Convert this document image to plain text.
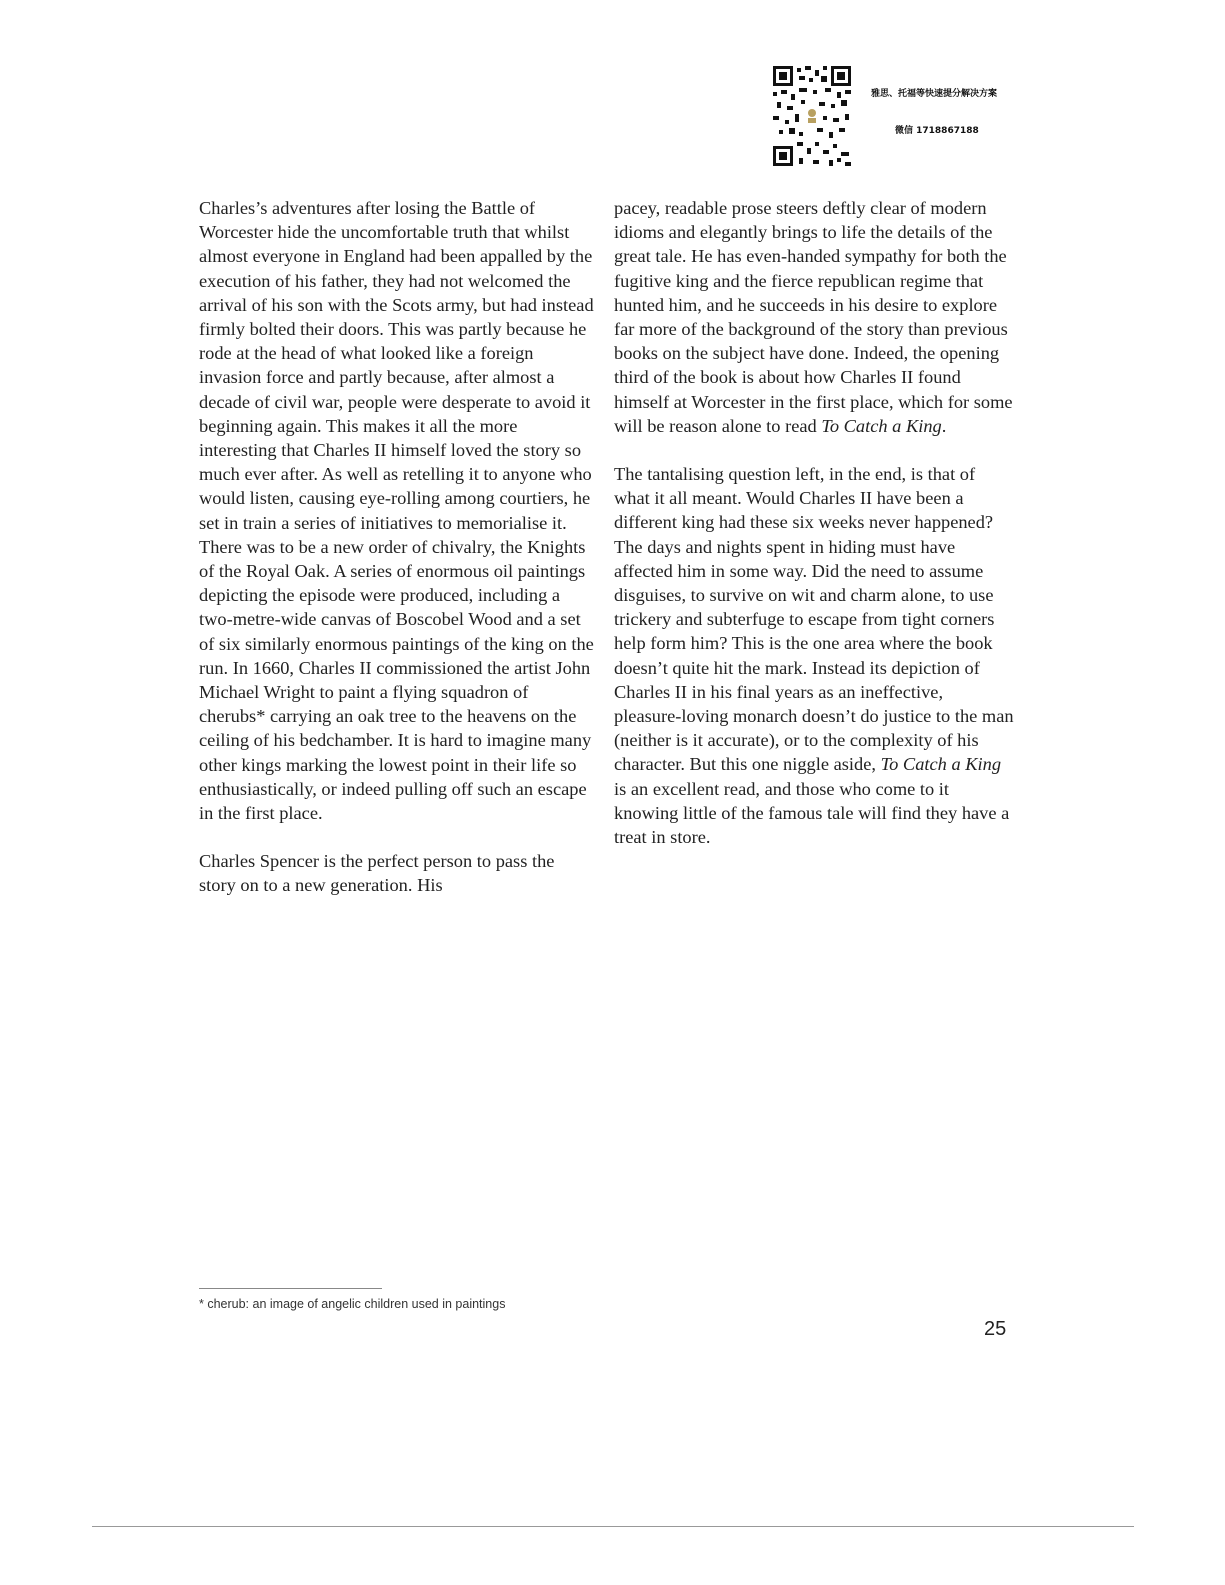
雅思、托福等快速提分解决方案
微信 1718867188

Charles’s adventures after losing the Battle of Worcester hide the uncomfortable truth that whilst almost everyone in England had been appalled by the execution of his father, they had not welcomed the arrival of his son with the Scots army, but had instead firmly bolted their doors. This was partly because he rode at the head of what looked like a foreign invasion force and partly because, after almost a decade of civil war, people were desperate to avoid it beginning again. This makes it all the more interesting that Charles II himself loved the story so much ever after. As well as retelling it to anyone who would listen, causing eye-rolling among courtiers, he set in train a series of initiatives to memorialise it. There was to be a new order of chivalry, the Knights of the Royal Oak. A series of enormous oil paintings depicting the episode were produced, including a two-metre-wide canvas of Boscobel Wood and a set of six similarly enormous paintings of the king on the run. In 1660, Charles II commissioned the artist John Michael Wright to paint a flying squadron of cherubs* carrying an oak tree to the heavens on the ceiling of his bedchamber. It is hard to imagine many other kings marking the lowest point in their life so enthusiastically, or indeed pulling off such an escape in the first place.

Charles Spencer is the perfect person to pass the story on to a new generation. His

pacey, readable prose steers deftly clear of modern idioms and elegantly brings to life the details of the great tale. He has even-handed sympathy for both the fugitive king and the fierce republican regime that hunted him, and he succeeds in his desire to explore far more of the background of the story than previous books on the subject have done. Indeed, the opening third of the book is about how Charles II found himself at Worcester in the first place, which for some will be reason alone to read To Catch a King.

The tantalising question left, in the end, is that of what it all meant. Would Charles II have been a different king had these six weeks never happened? The days and nights spent in hiding must have affected him in some way. Did the need to assume disguises, to survive on wit and charm alone, to use trickery and subterfuge to escape from tight corners help form him? This is the one area where the book doesn’t quite hit the mark. Instead its depiction of Charles II in his final years as an ineffective, pleasure-loving monarch doesn’t do justice to the man (neither is it accurate), or to the complexity of his character. But this one niggle aside, To Catch a King is an excellent read, and those who come to it knowing little of the famous tale will find they have a treat in store.

* cherub: an image of angelic children used in paintings
25
